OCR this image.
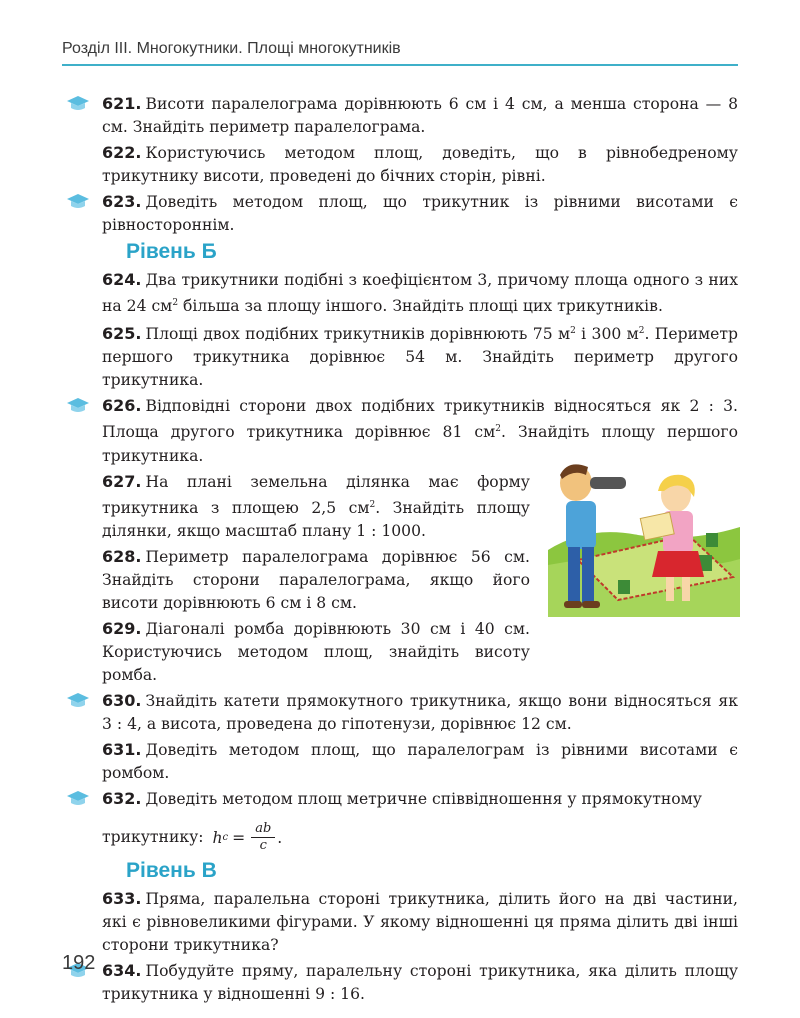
Розділ ІІІ. Многокутники. Площі многокутників
621. Висоти паралелограма дорівнюють 6 см і 4 см, а менша сторона — 8 см. Знайдіть периметр паралелограма.
622. Користуючись методом площ, доведіть, що в рівнобедреному трикутнику висоти, проведені до бічних сторін, рівні.
623. Доведіть методом площ, що трикутник із рівними висотами є рівностороннім.
Рівень Б
624. Два трикутники подібні з коефіцієнтом 3, причому площа одного з них на 24 $см^2$ більша за площу іншого. Знайдіть площі цих трикутників.
625. Площі двох подібних трикутників дорівнюють 75 $м^2$ і 300 $м^2$. Периметр першого трикутника дорівнює 54 м. Знайдіть периметр другого трикутника.
626. Відповідні сторони двох подібних трикутників відносяться як 2 : 3. Площа другого трикутника дорівнює 81 $см^2$. Знайдіть площу першого трикутника.
627. На плані земельна ділянка має форму трикутника з площею 2,5 $см^2$. Знайдіть площу ділянки, якщо масштаб плану 1 : 1000.
628. Периметр паралелограма дорівнює 56 см. Знайдіть сторони паралелограма, якщо його висоти дорівнюють 6 см і 8 см.
629. Діагоналі ромба дорівнюють 30 см і 40 см. Користуючись методом площ, знайдіть висоту ромба.
630. Знайдіть катети прямокутного трикутника, якщо вони відносяться як 3 : 4, а висота, проведена до гіпотенузи, дорівнює 12 см.
631. Доведіть методом площ, що паралелограм із рівними висотами є ромбом.
632. Доведіть методом площ метричне співвідношення у прямокутному
трикутнику: h $c = \frac{ab}{c}$ .
Рівень В
633. Пряма, паралельна стороні трикутника, ділить його на дві частини, які є рівновеликими фігурами. У якому відношенні ця пряма ділить дві інші сторони трикутника?
634. Побудуйте пряму, паралельну стороні трикутника, яка ділить площу трикутника у відношенні 9 : 16.
192
